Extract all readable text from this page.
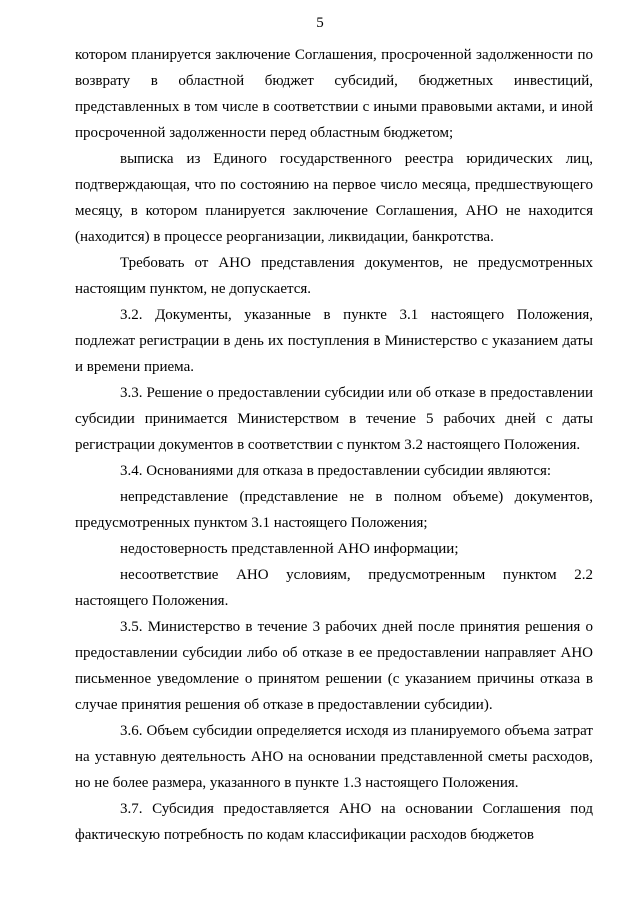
5

котором планируется заключение Соглашения, просроченной задолженности по возврату в областной бюджет субсидий, бюджетных инвестиций, представленных в том числе в соответствии с иными правовыми актами, и иной просроченной задолженности перед областным бюджетом;

выписка из Единого государственного реестра юридических лиц, подтверждающая, что по состоянию на первое число месяца, предшествующего месяцу, в котором планируется заключение Соглашения, АНО не находится (находится) в процессе реорганизации, ликвидации, банкротства.

Требовать от АНО представления документов, не предусмотренных настоящим пунктом, не допускается.

3.2. Документы, указанные в пункте 3.1 настоящего Положения, подлежат регистрации в день их поступления в Министерство с указанием даты и времени приема.

3.3. Решение о предоставлении субсидии или об отказе в предоставлении субсидии принимается Министерством в течение 5 рабочих дней с даты регистрации документов в соответствии с пунктом 3.2 настоящего Положения.

3.4. Основаниями для отказа в предоставлении субсидии являются:

непредставление (представление не в полном объеме) документов, предусмотренных пунктом 3.1 настоящего Положения;

недостоверность представленной АНО информации;

несоответствие АНО условиям, предусмотренным пунктом 2.2 настоящего Положения.

3.5. Министерство в течение 3 рабочих дней после принятия решения о предоставлении субсидии либо об отказе в ее предоставлении направляет АНО письменное уведомление о принятом решении (с указанием причины отказа в случае принятия решения об отказе в предоставлении субсидии).

3.6. Объем субсидии определяется исходя из планируемого объема затрат на уставную деятельность АНО на основании представленной сметы расходов, но не более размера, указанного в пункте 1.3 настоящего Положения.

3.7. Субсидия предоставляется АНО на основании Соглашения под фактическую потребность по кодам классификации расходов бюджетов
